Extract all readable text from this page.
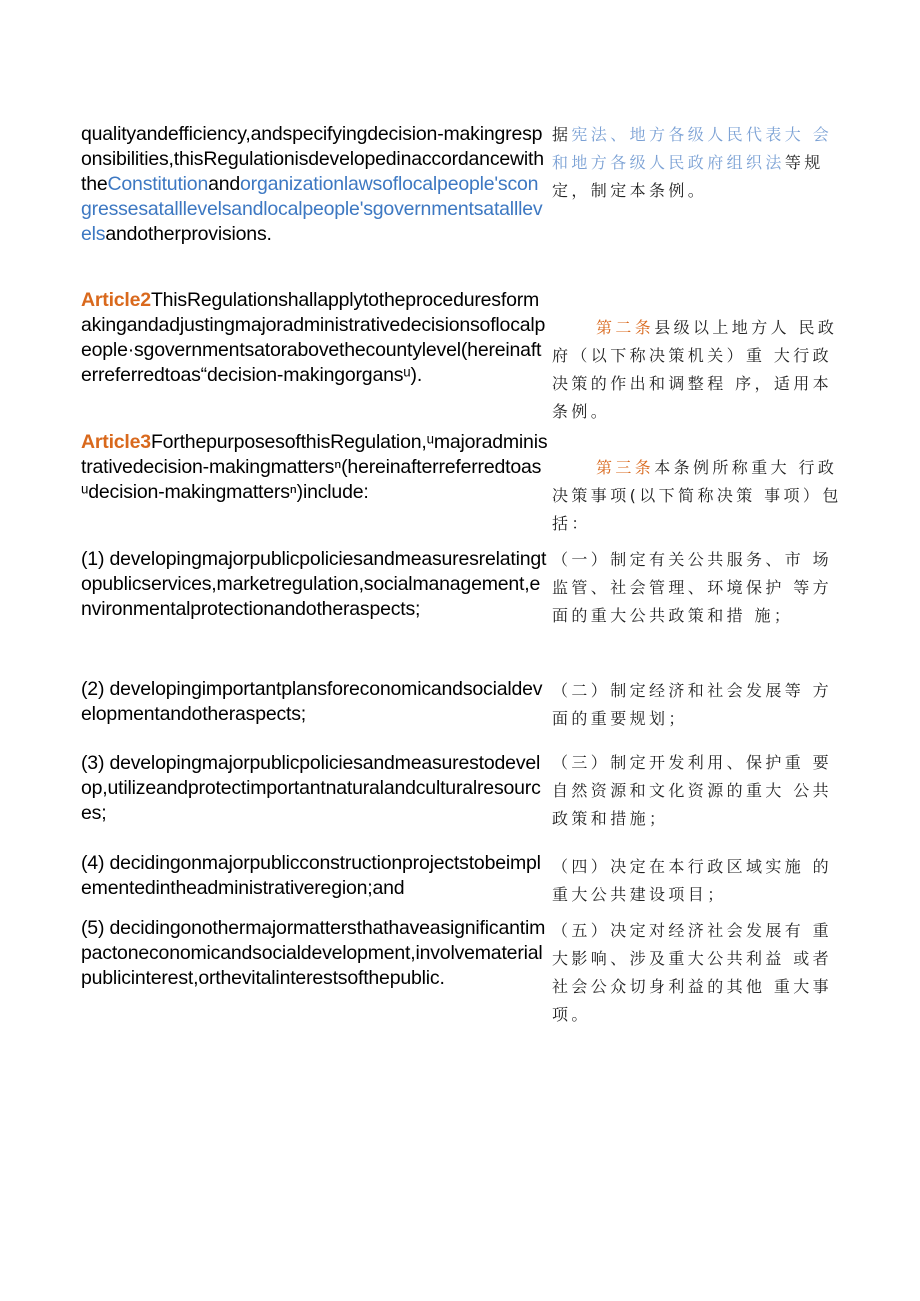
qualityandefficiency,andspecifyingdecision-makingresponsibilities,thisRegulationisdevelopedinaccordancewiththeConstitutionandorganizationlawsoflocalpeople'scongressesatalllevelsandlocalpeople'sgovernmentsatalllevelsandotherprovisions.
据宪法、地方各级人民代表大 会和地方各级人民政府组织法等规定，制定本条例。
Article2ThisRegulationshallapplytotheproceduresformakingandadjustingmajoradministrativedecisionsoflocalpeople·sgovernmentsatorabovethecountylevel(hereinafterreferredtoas“decision-makingorgansᵘ).
第二条县级以上地方人 民政府（以下称决策机关）重 大行政决策的作出和调整程 序，适用本条例。
Article3ForthepurposesofthisRegulation,ᵘmajoradministrativedecision-makingmattersⁿ(hereinafterreferredtoasᵘdecision-makingmattersⁿ)include:
第三条本条例所称重大 行政决策事项(以下简称决策 事项）包括：
(1) developingmajorpublicpoliciesandmeasuresrelatingtopublicservices,marketregulation,socialmanagement,environmentalprotectionandotheraspects;
（一）制定有关公共服务、市 场监管、社会管理、环境保护 等方面的重大公共政策和措 施；
(2) developingimportantplansforeconomicandsocialdevelopmentandotheraspects;
（二）制定经济和社会发展等 方面的重要规划；
(3) developingmajorpublicpoliciesandmeasurestodevelop,utilizeandprotectimportantnaturalandculturalresources;
（三）制定开发利用、保护重 要自然资源和文化资源的重大 公共政策和措施；
(4) decidingonmajorpublicconstructionprojectstobeimplementedintheadministrativeregion;and
（四）决定在本行政区域实施 的重大公共建设项目；
(5) decidingonothermajormattersthathaveasignificantimpactoneconomicandsocialdevelopment,involvematerialpublicinterest,orthevitalinterestsofthepublic.
（五）决定对经济社会发展有 重大影响、涉及重大公共利益 或者社会公众切身利益的其他 重大事项。
